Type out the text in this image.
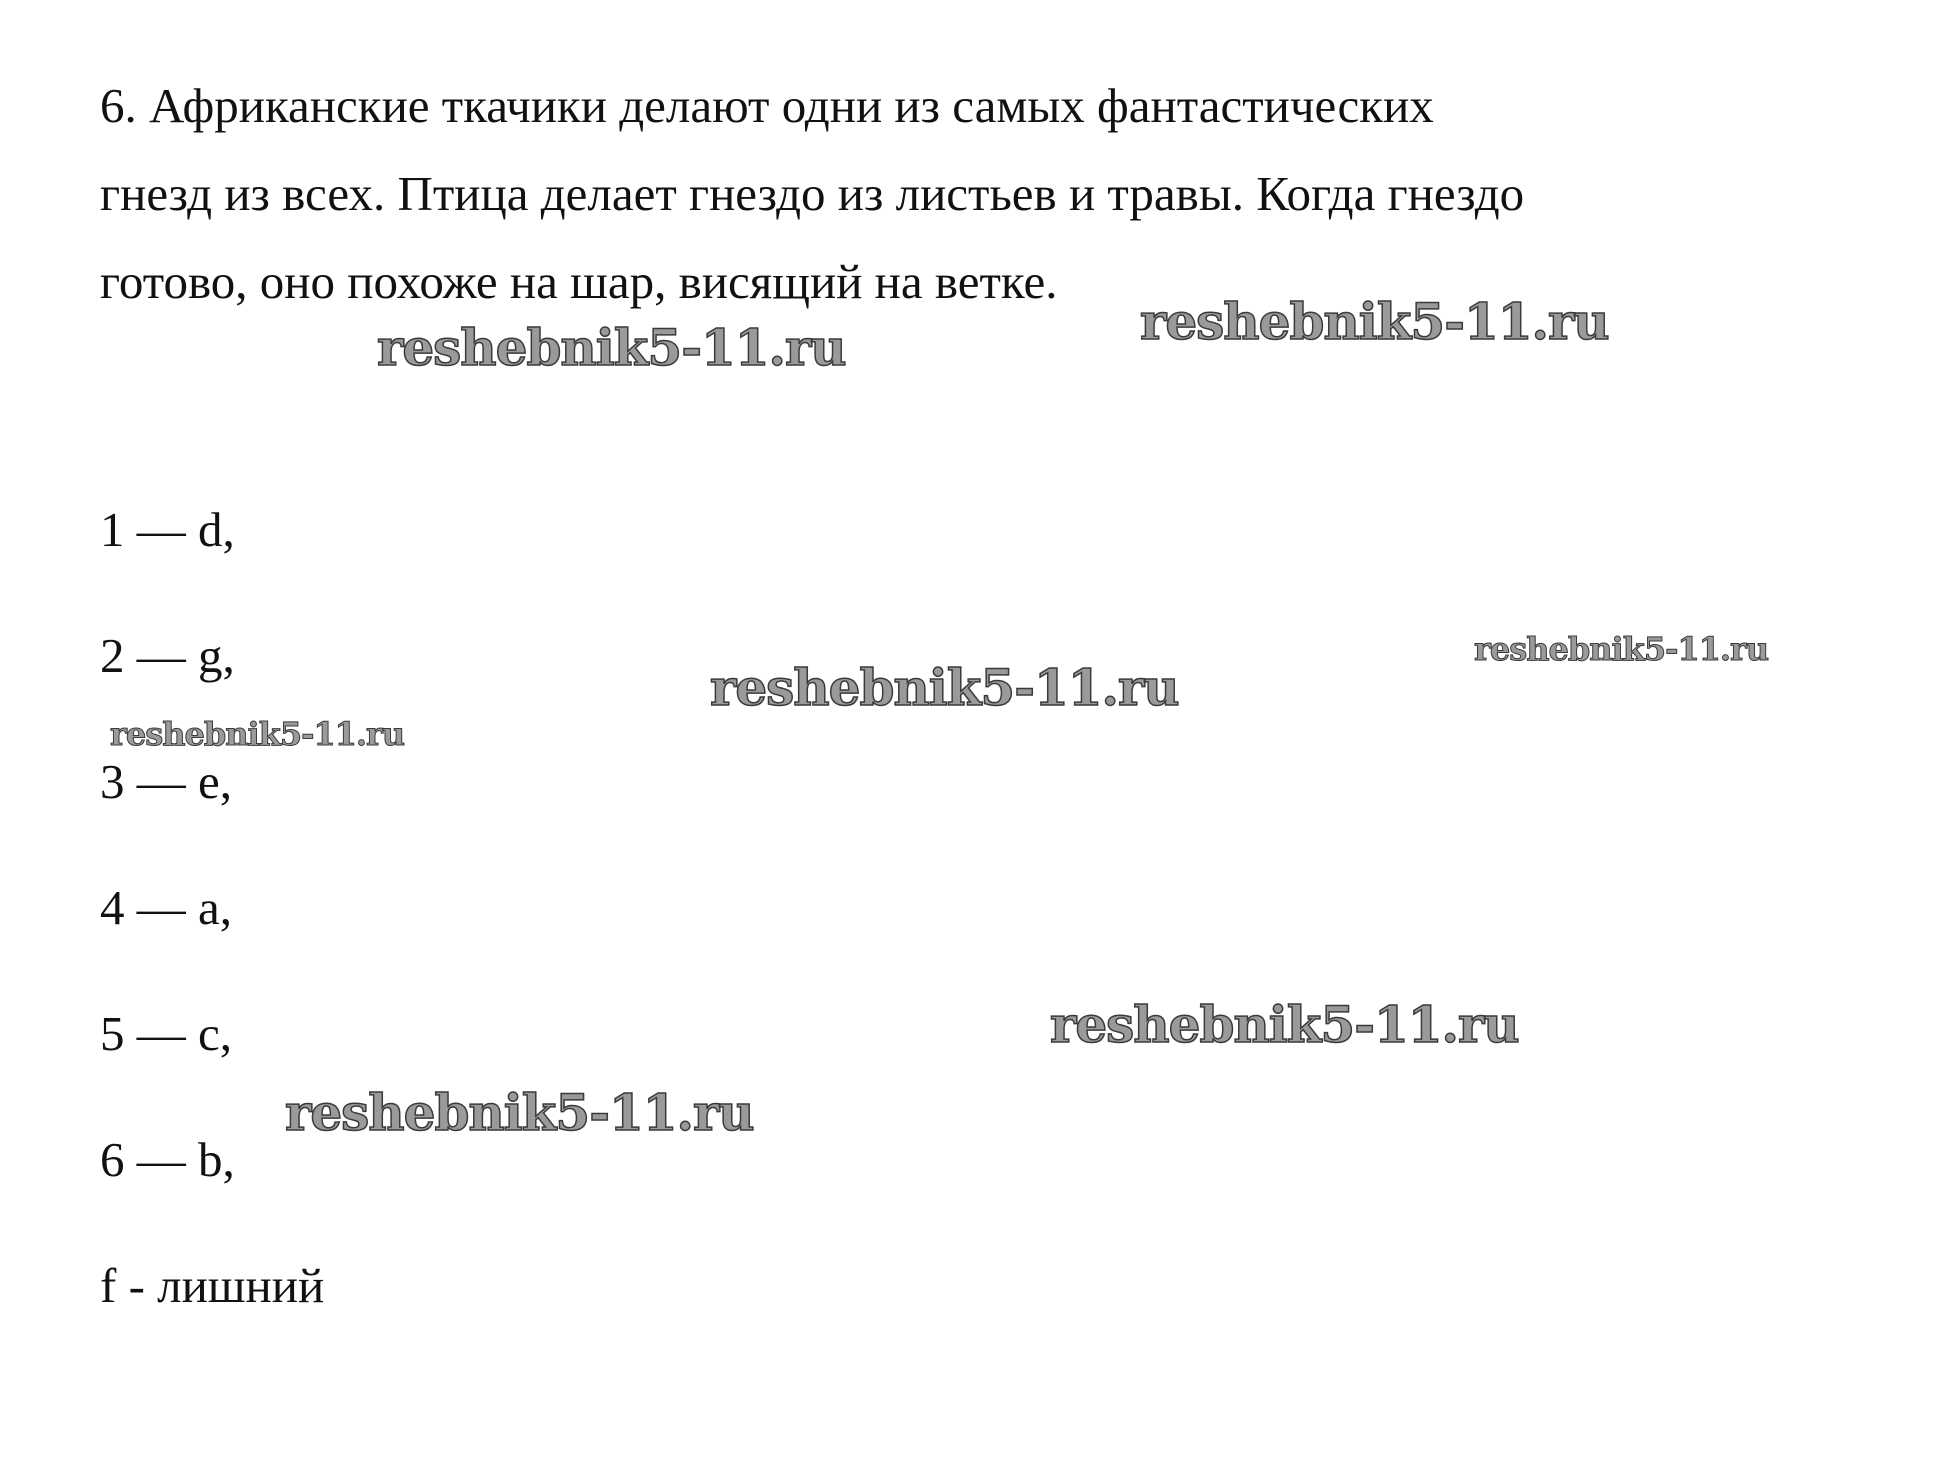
6. Африканские ткачики делают одни из самых фантастических
гнезд из всех. Птица делает гнездо из листьев и травы. Когда гнездо
готово, оно похоже на шар, висящий на ветке.

1 — d,
2 — g,
3 — e,
4 — a,
5 — c,
6 — b,
f - лишний
reshebnik5-11.ru	reshebnik5-11.ru
reshebnik5-11.ru
reshebnik5-11.ru
reshebnik5-11.ru
reshebnik5-11.ru
reshebnik5-11.ru
